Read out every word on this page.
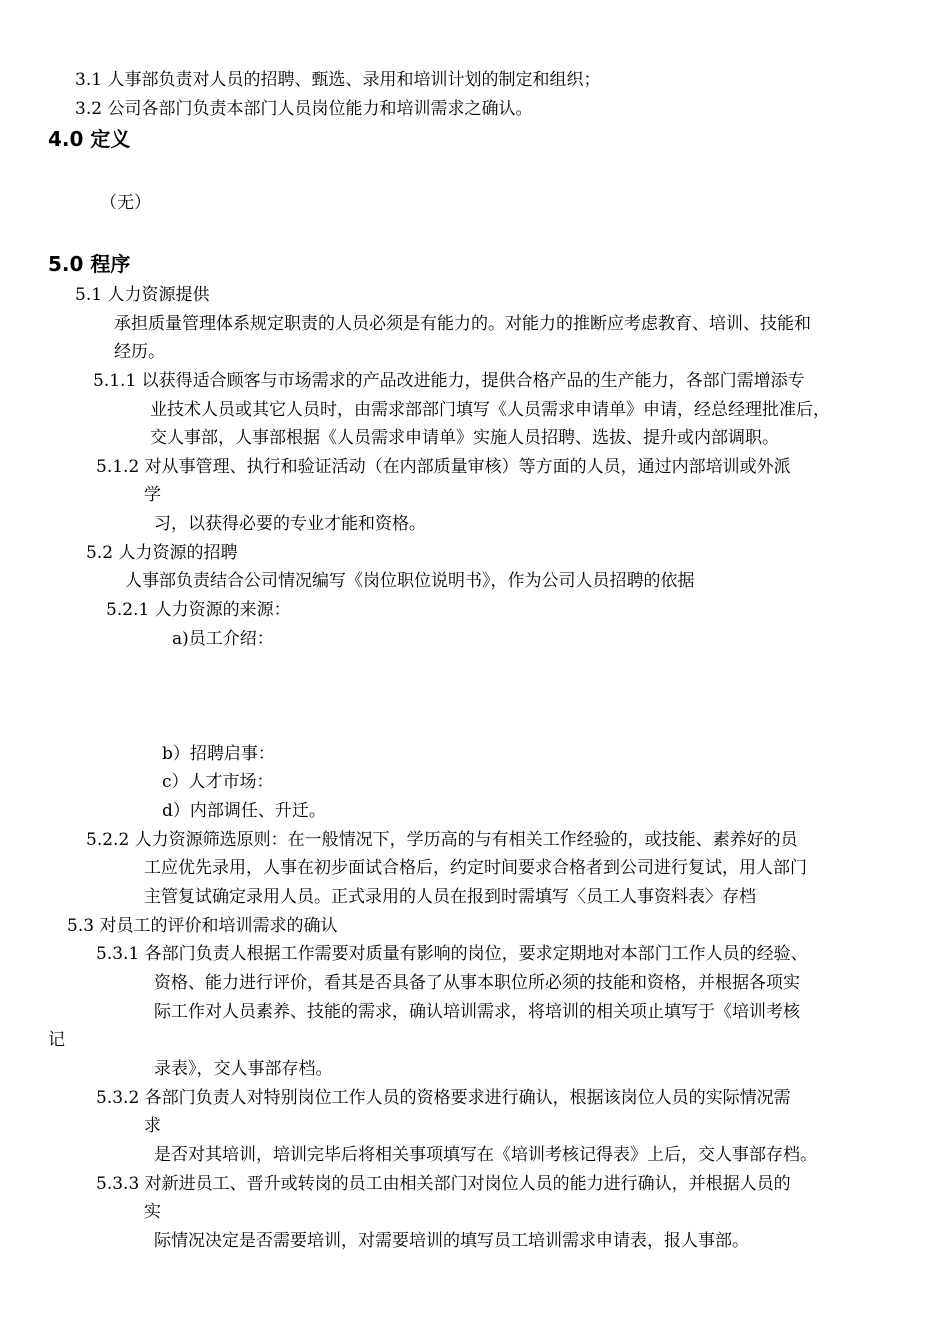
3.1 人事部负责对人员的招聘、甄选、录用和培训计划的制定和组织；
3.2 公司各部门负责本部门人员岗位能力和培训需求之确认。
4.0 定义
（无）
5.0 程序
5.1 人力资源提供
承担质量管理体系规定职责的人员必须是有能力的。对能力的推断应考虑教育、培训、技能和
经历。
5.1.1 以获得适合顾客与市场需求的产品改进能力，提供合格产品的生产能力，各部门需增添专
业技术人员或其它人员时，由需求部部门填写《人员需求申请单》申请，经总经理批准后，
交人事部，人事部根据《人员需求申请单》实施人员招聘、选拔、提升或内部调职。
5.1.2 对从事管理、执行和验证活动（在内部质量审核）等方面的人员，通过内部培训或外派
学
习，以获得必要的专业才能和资格。
5.2 人力资源的招聘
人事部负责结合公司情况编写《岗位职位说明书》，作为公司人员招聘的依据
5.2.1 人力资源的来源：
a)员工介绍：
b）招聘启事：
c）人才市场：
d）内部调任、升迁。
5.2.2 人力资源筛选原则：在一般情况下，学历高的与有相关工作经验的，或技能、素养好的员
工应优先录用，人事在初步面试合格后，约定时间要求合格者到公司进行复试，用人部门
主管复试确定录用人员。正式录用的人员在报到时需填写〈员工人事资料表〉存档
5.3 对员工的评价和培训需求的确认
5.3.1 各部门负责人根据工作需要对质量有影响的岗位，要求定期地对本部门工作人员的经验、
资格、能力进行评价，看其是否具备了从事本职位所必须的技能和资格，并根据各项实
际工作对人员素养、技能的需求，确认培训需求，将培训的相关项止填写于《培训考核
记
录表》，交人事部存档。
5.3.2 各部门负责人对特别岗位工作人员的资格要求进行确认，根据该岗位人员的实际情况需
求
是否对其培训，培训完毕后将相关事项填写在《培训考核记得表》上后，交人事部存档。
5.3.3 对新进员工、晋升或转岗的员工由相关部门对岗位人员的能力进行确认，并根据人员的
实
际情况决定是否需要培训，对需要培训的填写员工培训需求申请表，报人事部。
